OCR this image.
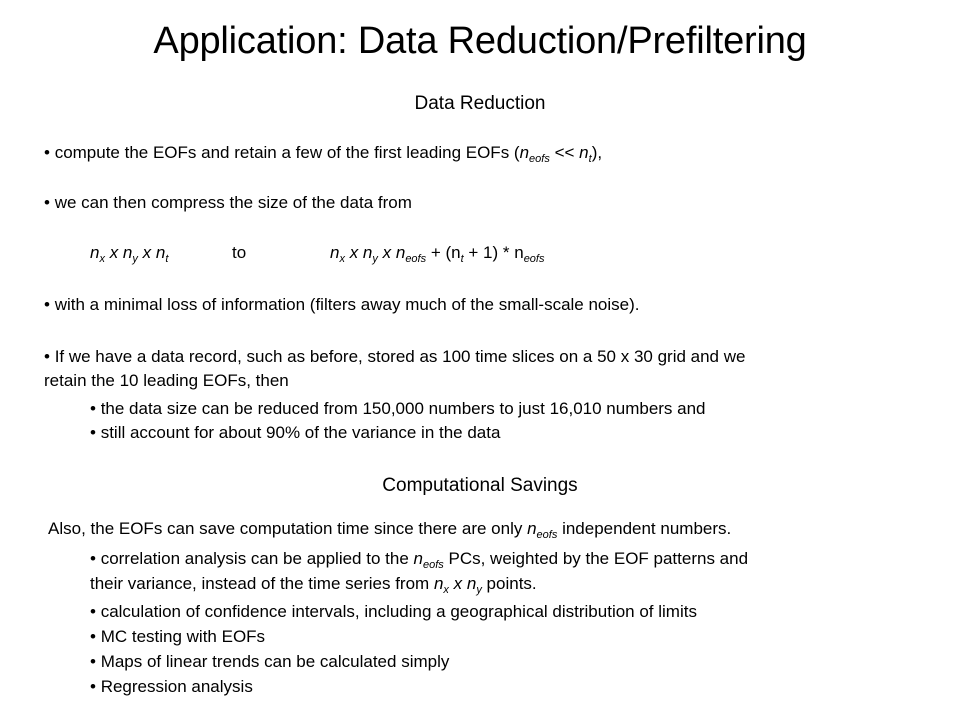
Application: Data Reduction/Prefiltering
Data Reduction
• compute the EOFs and retain a few of the first leading EOFs $(n_{eofs} << n_t)$,
• we can then compress the size of the data from
$n_x$ x $n_y$ x $n_t$	to	$n_x$ x $n_y$ x $n_{eofs} + (n_t + 1) * n_{eofs}$
• with a minimal loss of information (filters away much of the small-scale noise).
• If we have a data record, such as before, stored as 100 time slices on a 50 x 30 grid and we
retain the 10 leading EOFs, then
• the data size can be reduced from 150,000 numbers to just 16,010 numbers and
• still account for about 90% of the variance in the data
Computational Savings
Also, the EOFs can save computation time since there are only $n_{eofs}$ independent numbers.
• correlation analysis can be applied to the $n_{eofs}$ PCs, weighted by the EOF patterns and
their variance, instead of the time series from $n_x$ x $n_y$ points.
• calculation of confidence intervals, including a geographical distribution of limits
• MC testing with EOFs
• Maps of linear trends can be calculated simply
• Regression analysis
